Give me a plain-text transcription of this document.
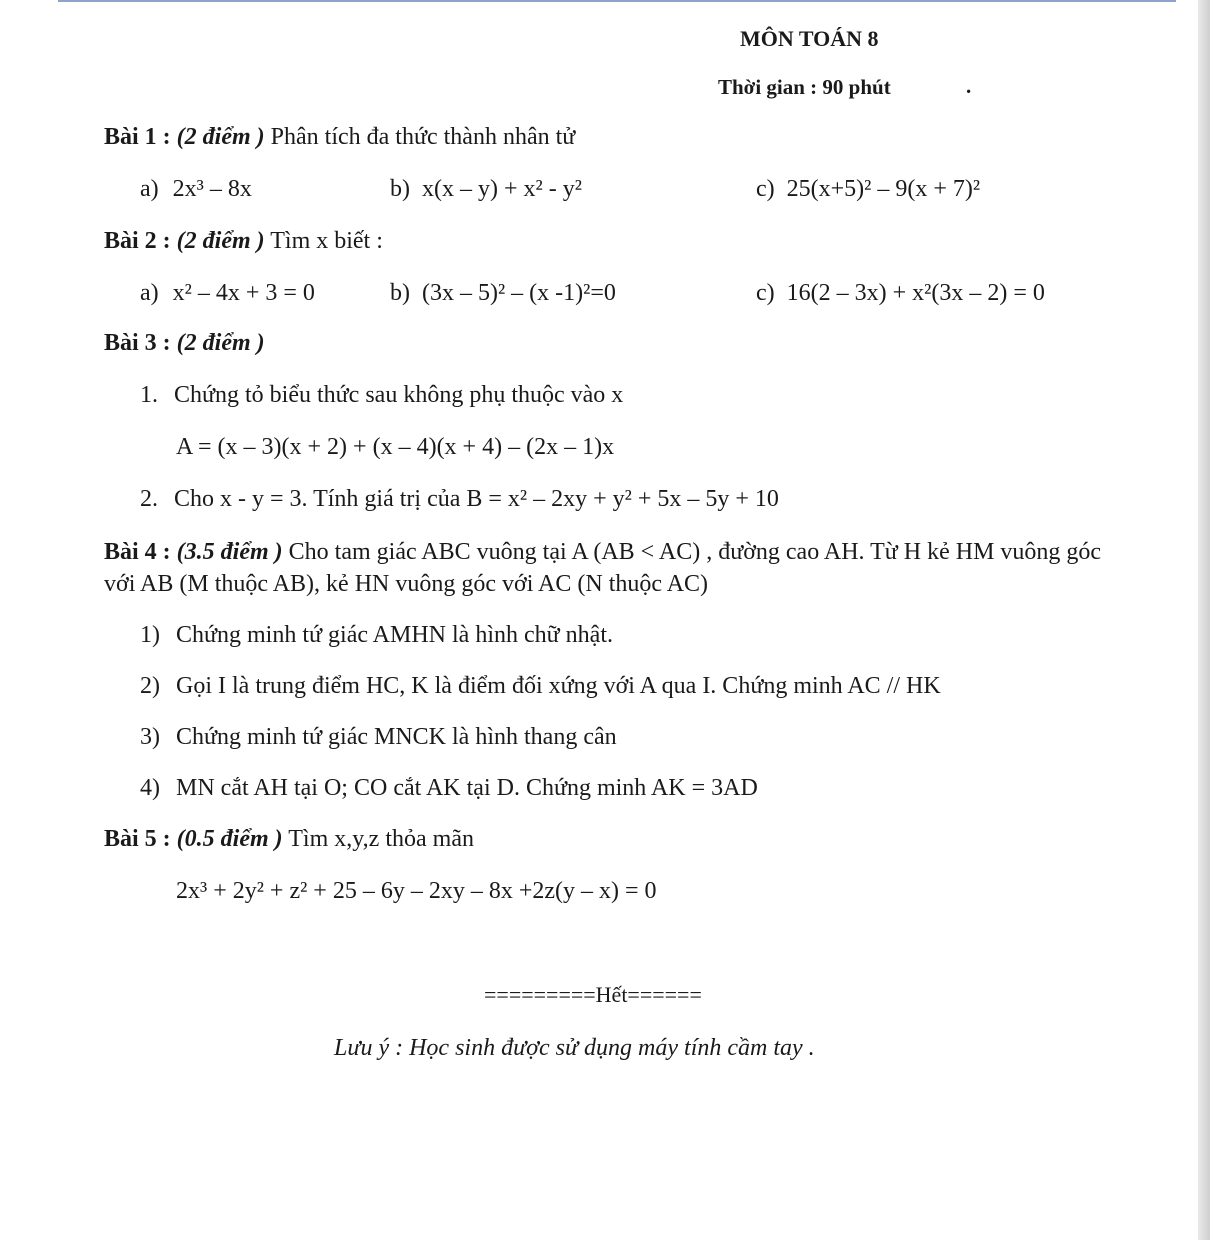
MÔN TOÁN 8
Thời gian : 90 phút	.
Bài 1 : (2 điểm ) Phân tích đa thức thành nhân tử
a) 2x³ – 8x	b) x(x – y) + x² - y²	c) 25(x+5)² – 9(x + 7)²
Bài 2 : (2 điểm ) Tìm x biết :
a) x² – 4x + 3 = 0	b) (3x – 5)² – (x -1)²=0	c) 16(2 – 3x) + x²(3x – 2) = 0
Bài 3 : (2 điểm )
1. Chứng tỏ biểu thức sau không phụ thuộc vào x
A = (x – 3)(x + 2) + (x – 4)(x + 4) – (2x – 1)x
2. Cho x - y = 3. Tính giá trị của B = x² – 2xy + y² + 5x – 5y + 10
Bài 4 : (3.5 điểm ) Cho tam giác ABC vuông tại A (AB < AC) , đường cao AH. Từ H kẻ HM vuông góc với AB (M thuộc AB), kẻ HN vuông góc với AC (N thuộc AC)
1) Chứng minh tứ giác AMHN là hình chữ nhật.
2) Gọi I là trung điểm HC, K là điểm đối xứng với A qua I. Chứng minh AC // HK
3) Chứng minh tứ giác MNCK là hình thang cân
4) MN cắt AH tại O; CO cắt AK tại D. Chứng minh AK = 3AD
Bài 5 : (0.5 điểm ) Tìm x,y,z thỏa mãn
2x³ + 2y² + z² + 25 – 6y – 2xy – 8x +2z(y – x) = 0
=========Hết======
Lưu ý : Học sinh được sử dụng máy tính cầm tay .
